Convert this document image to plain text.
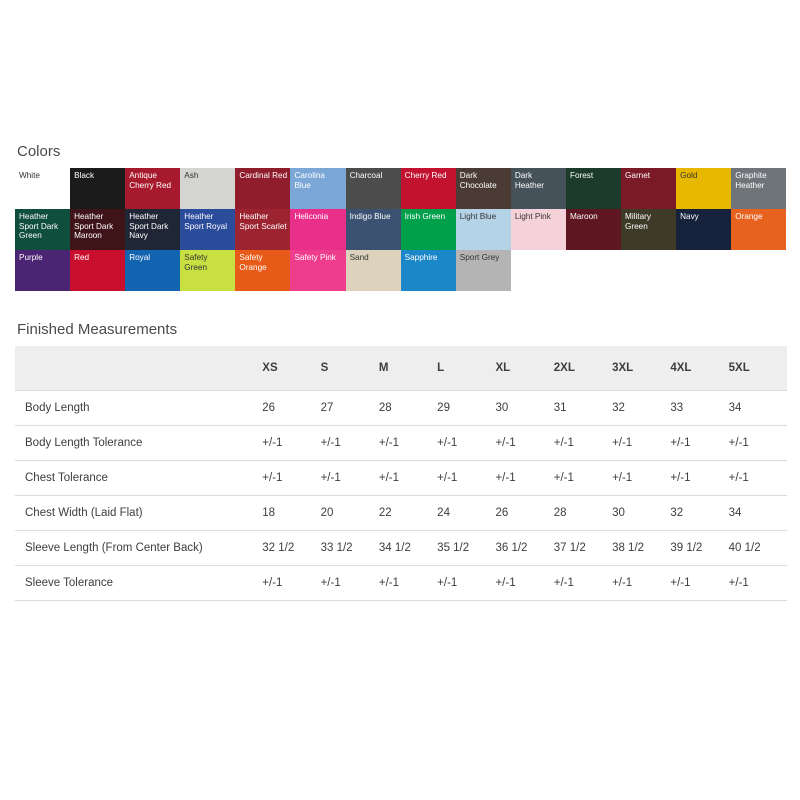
Colors
White	Black	Antique Cherry Red
Ash	Cardinal Red Carolina Blue
Charcoal	Cherry Red	Dark Chocolate
Dark Heather
Forest	Garnet	Gold	Graphite Heather
Heather Sport Dark Green
Heather Sport Dark Maroon
Heather Sport Dark Navy
Heather Sport Royal
Heather Sport Scarlet
Heliconia	Indigo Blue	Irish Green	Light Blue	Light Pink	Maroon	Military Green
Navy	Orange
Purple	Red	Royal	Safety Green
Safety Orange
Safety Pink	Sand	Sapphire	Sport Grey
Finished Measurements
	XS	S	M	L	XL	2XL	3XL	4XL	5XL
Body Length	26	27	28	29	30	31	32	33	34
Body Length Tolerance	+/-1	+/-1	+/-1	+/-1	+/-1	+/-1	+/-1	+/-1	+/-1
Chest Tolerance	+/-1	+/-1	+/-1	+/-1	+/-1	+/-1	+/-1	+/-1	+/-1
Chest Width (Laid Flat)	18	20	22	24	26	28	30	32	34
Sleeve Length (From Center Back)	32 1/2	33 1/2	34 1/2	35 1/2	36 1/2	37 1/2	38 1/2	39 1/2	40 1/2
Sleeve Tolerance	+/-1	+/-1	+/-1	+/-1	+/-1	+/-1	+/-1	+/-1	+/-1
